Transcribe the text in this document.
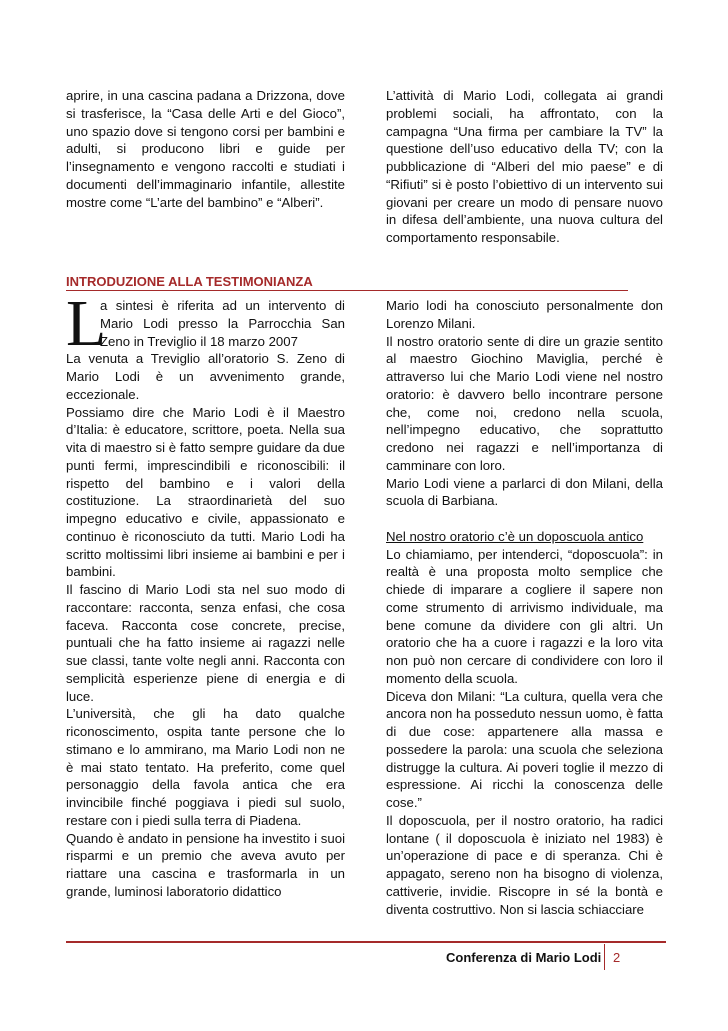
aprire, in una cascina padana a Drizzona, dove si trasferisce, la “Casa delle Arti e del Gioco”, uno spazio dove si tengono corsi per bambini e adulti, si producono libri e guide per l’insegnamento e vengono raccolti e studiati i documenti dell’immaginario infantile, allestite mostre come “L’arte del bambino” e “Alberi”.

L’attività di Mario Lodi, collegata ai grandi problemi sociali, ha affrontato, con la campagna “Una firma per cambiare la TV” la questione dell’uso educativo della TV; con la pubblicazione di “Alberi del mio paese” e di “Rifiuti” si è posto l’obiettivo di un intervento sui giovani per creare un modo di pensare nuovo in difesa dell’ambiente, una nuova cultura del comportamento responsabile.

INTRODUZIONE ALLA TESTIMONIANZA
L

a sintesi è riferita ad un intervento di Mario Lodi presso la Parrocchia San Zeno in Treviglio il 18 marzo 2007

La venuta a Treviglio all’oratorio S. Zeno di Mario Lodi è un avvenimento grande, eccezionale.

Possiamo dire che Mario Lodi è il Maestro d’Italia: è educatore, scrittore, poeta. Nella sua vita di maestro si è fatto sempre guidare da due punti fermi, imprescindibili e riconoscibili: il rispetto del bambino e i valori della costituzione. La straordinarietà del suo impegno educativo e civile, appassionato e continuo è riconosciuto da tutti. Mario Lodi ha scritto moltissimi libri insieme ai bambini e per i bambini.

Il fascino di Mario Lodi sta nel suo modo di raccontare: racconta, senza enfasi, che cosa faceva. Racconta cose concrete, precise, puntuali che ha fatto insieme ai ragazzi nelle sue classi, tante volte negli anni. Racconta con semplicità esperienze piene di energia e di luce.

L’università, che gli ha dato qualche riconoscimento, ospita tante persone che lo stimano e lo ammirano, ma Mario Lodi non ne è mai stato tentato. Ha preferito, come quel personaggio della favola antica che era invincibile finché poggiava i piedi sul suolo, restare con i piedi sulla terra di Piadena.

Quando è andato in pensione ha investito i suoi risparmi e un premio che aveva avuto per riattare una cascina e trasformarla in un grande, luminosi laboratorio didattico

Mario lodi ha conosciuto personalmente don Lorenzo Milani.

Il nostro oratorio sente di dire un grazie sentito al maestro Giochino Maviglia, perché è attraverso lui che Mario Lodi viene nel nostro oratorio: è davvero bello incontrare persone che, come noi, credono nella scuola, nell’impegno educativo, che soprattutto credono nei ragazzi e nell’importanza di camminare con loro.

Mario Lodi viene a parlarci di don Milani, della scuola di Barbiana.

Nel nostro oratorio c’è un doposcuola antico

Lo chiamiamo, per intenderci, “doposcuola”: in realtà è una proposta molto semplice che chiede di imparare a cogliere il sapere non come strumento di arrivismo individuale, ma bene comune da dividere con gli altri. Un oratorio che ha a cuore i ragazzi e la loro vita non può non cercare di condividere con loro il momento della scuola.

Diceva don Milani: “La cultura, quella vera che ancora non ha posseduto nessun uomo, è fatta di due cose: appartenere alla massa e possedere la parola: una scuola che seleziona distrugge la cultura. Ai poveri toglie il mezzo di espressione. Ai ricchi la conoscenza delle cose.”

Il doposcuola, per il nostro oratorio, ha radici lontane ( il doposcuola è iniziato nel 1983) è un’operazione di pace e di speranza. Chi è appagato, sereno non ha bisogno di violenza, cattiverie, invidie. Riscopre in sé la bontà e diventa costruttivo. Non si lascia schiacciare

Conferenza di Mario Lodi 2
